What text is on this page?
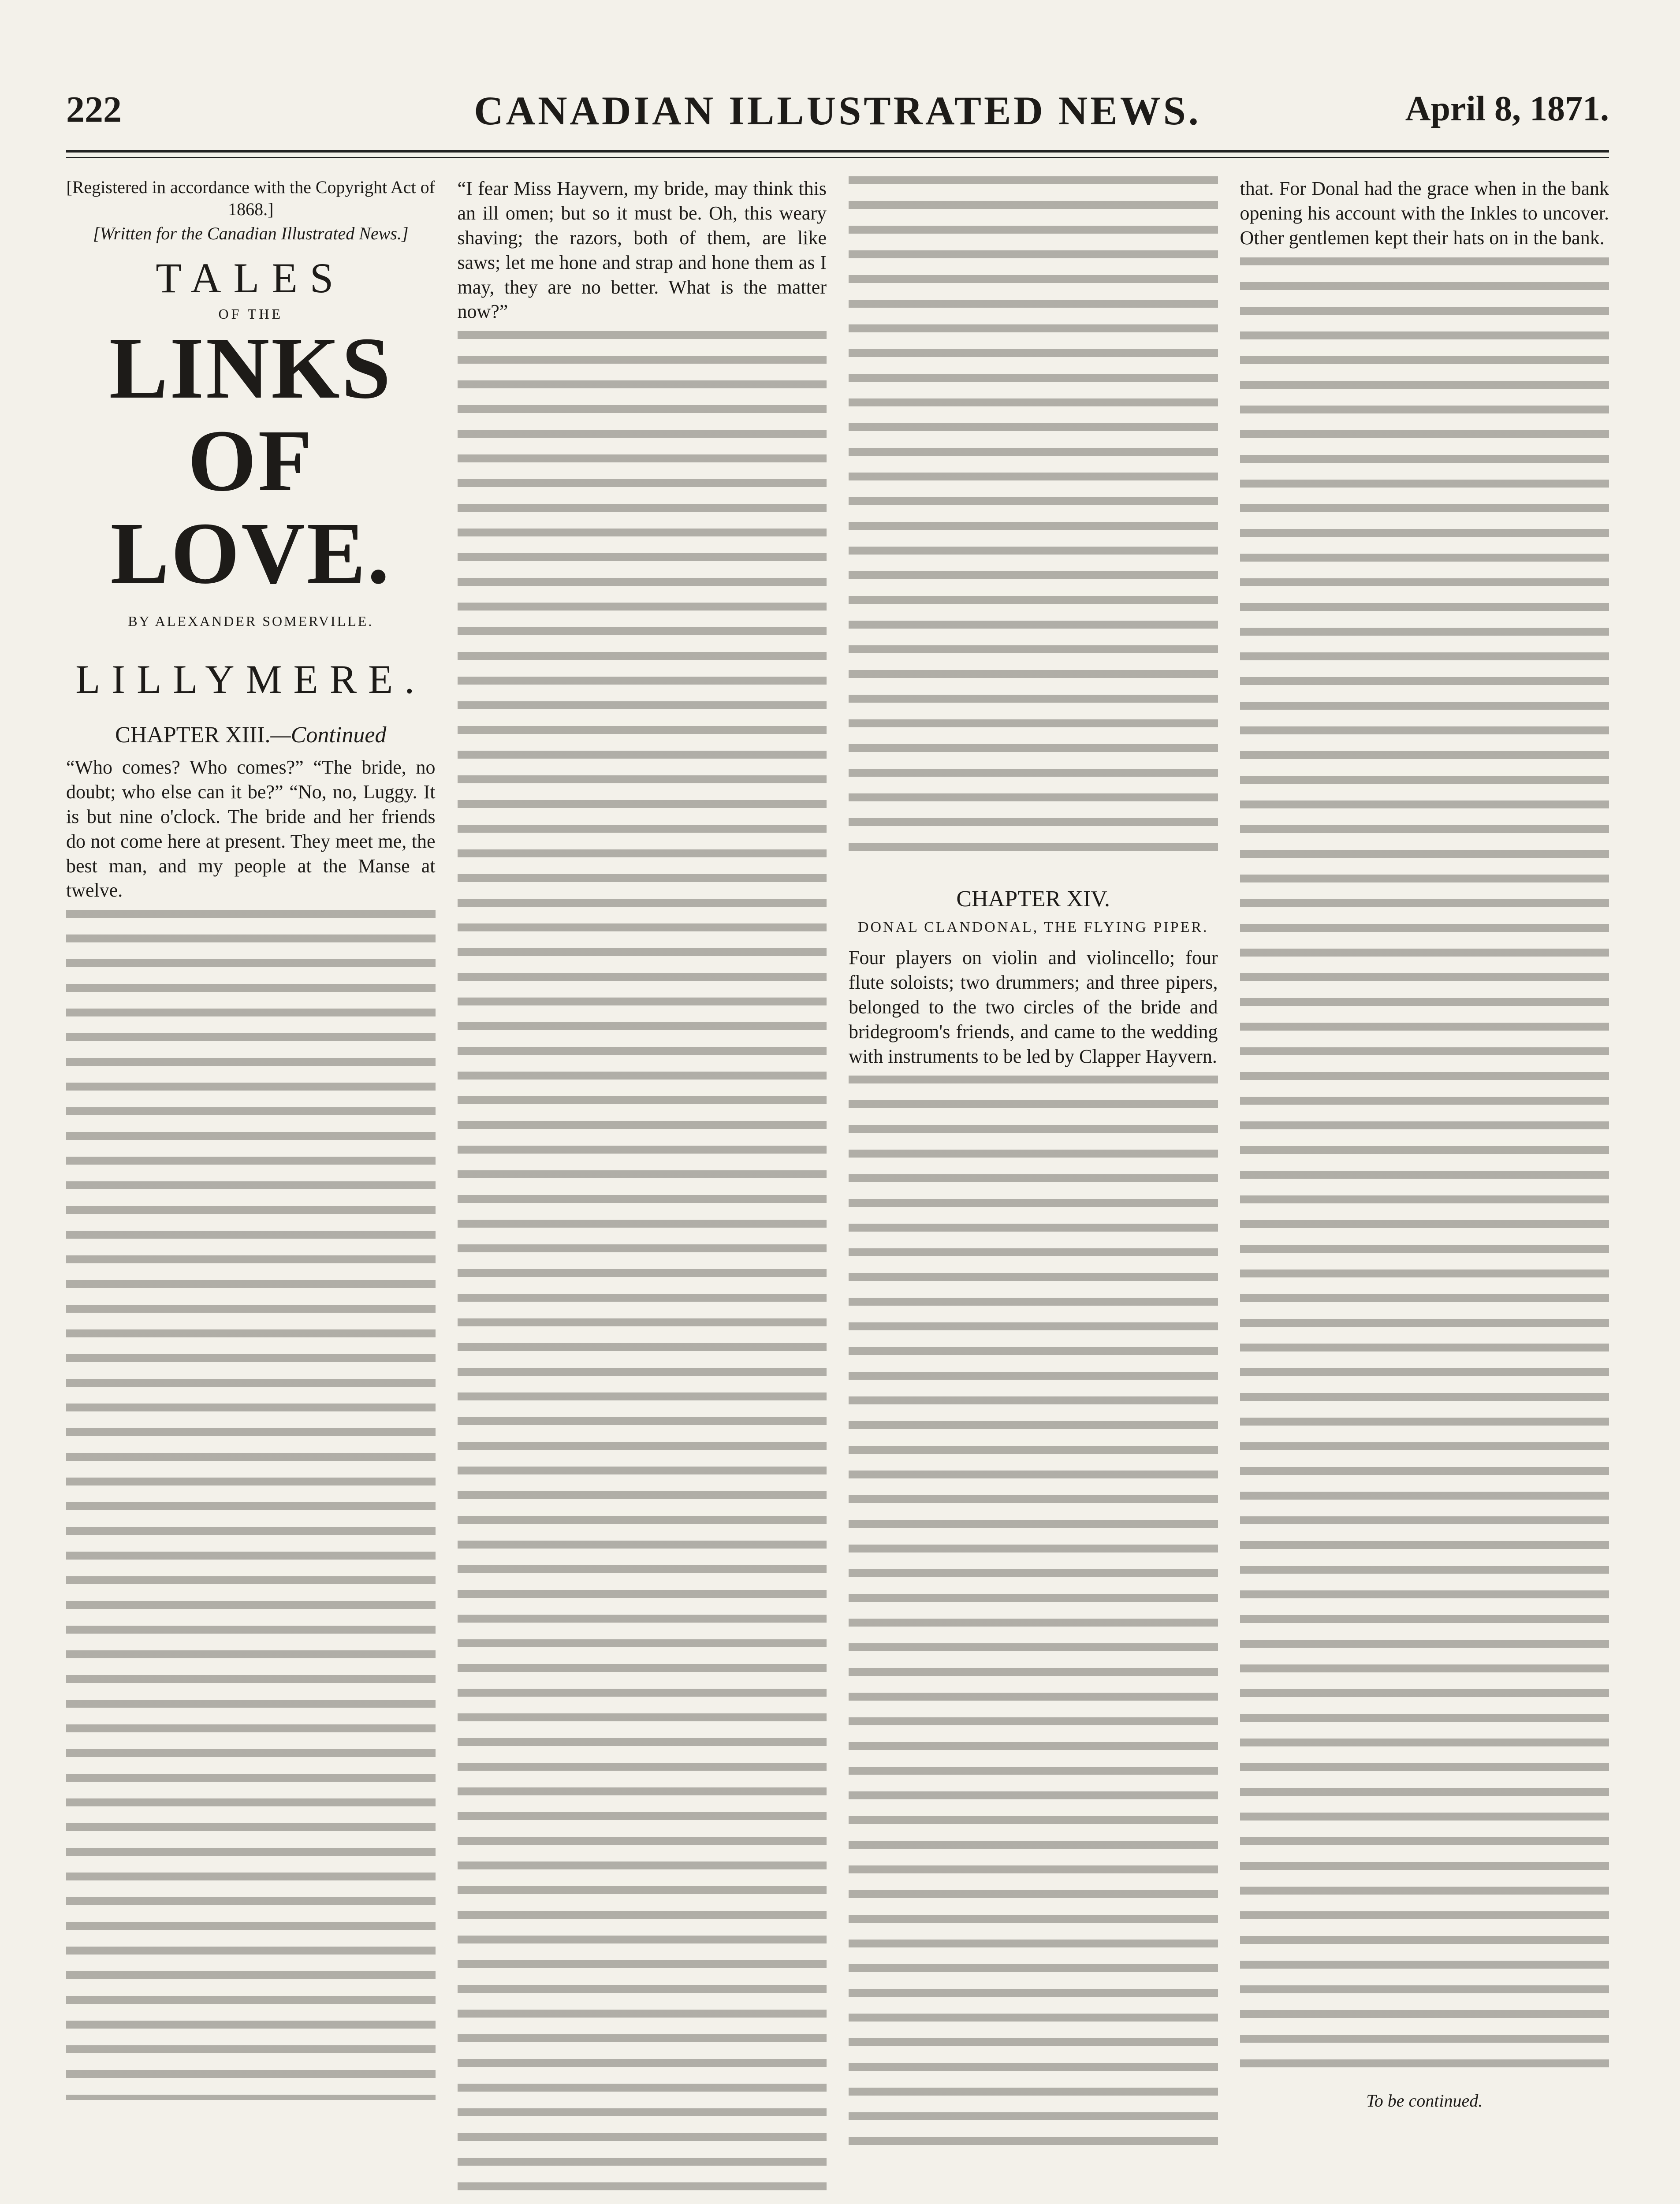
222	CANADIAN ILLUSTRATED NEWS.	April 8, 1871.

[Registered in accordance with the Copyright Act of 1868.]

[Written for the Canadian Illustrated News.]

TALES
OF THE
LINKS OF LOVE.
BY ALEXANDER SOMERVILLE.
LILLYMERE.
CHAPTER XIII.—Continued

“Who comes? Who comes?” “The bride, no doubt; who else can it be?” “No, no, Luggy. It is but nine o'clock. The bride and her friends do not come here at present. They meet me, the best man, and my people at the Manse at twelve.

“I fear Miss Hayvern, my bride, may think this an ill omen; but so it must be. Oh, this weary shaving; the razors, both of them, are like saws; let me hone and strap and hone them as I may, they are no better. What is the matter now?”

CHAPTER XIV.
DONAL CLANDONAL, THE FLYING PIPER.

Four players on violin and violincello; four flute soloists; two drummers; and three pipers, belonged to the two circles of the bride and bridegroom's friends, and came to the wedding with instruments to be led by Clapper Hayvern.

that. For Donal had the grace when in the bank opening his account with the Inkles to uncover. Other gentlemen kept their hats on in the bank.

To be continued.
